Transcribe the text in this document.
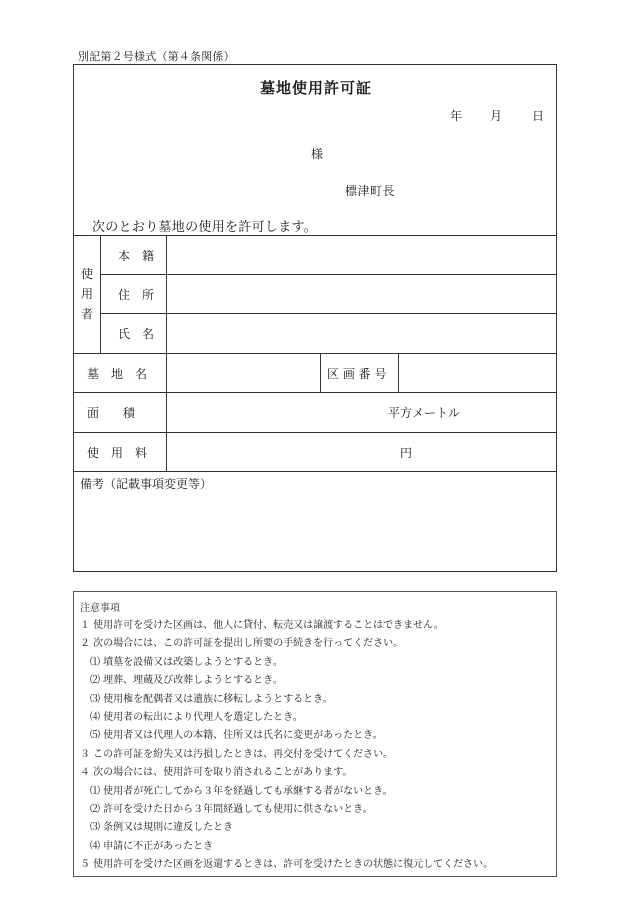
別記第２号様式（第４条関係）
墓地使用許可証
年 月 日
様
標津町長
次のとおり墓地の使用を許可します。
使
用
者
本　籍
住　所
氏　名
墓　地　名	区 画 番 号
面　　積	平方メートル
使　用　料	円
備考（記載事項変更等）
注意事項
１ 使用許可を受けた区画は、他人に貸付、転売又は譲渡することはできません。
２ 次の場合には、この許可証を提出し所要の手続きを行ってください。
⑴ 墳墓を設備又は改築しようとするとき。
⑵ 埋葬、埋蔵及び改葬しようとするとき。
⑶ 使用権を配偶者又は遺族に移転しようとするとき。
⑷ 使用者の転出により代理人を選定したとき。
⑸ 使用者又は代理人の本籍、住所又は氏名に変更があったとき。
３ この許可証を紛失又は汚損したときは、再交付を受けてください。
４ 次の場合には、使用許可を取り消されることがあります。
⑴ 使用者が死亡してから３年を経過しても承継する者がないとき。
⑵ 許可を受けた日から３年間経過しても使用に供さないとき。
⑶ 条例又は規則に違反したとき
⑷ 申請に不正があったとき
５ 使用許可を受けた区画を返還するときは、許可を受けたときの状態に復元してください。
